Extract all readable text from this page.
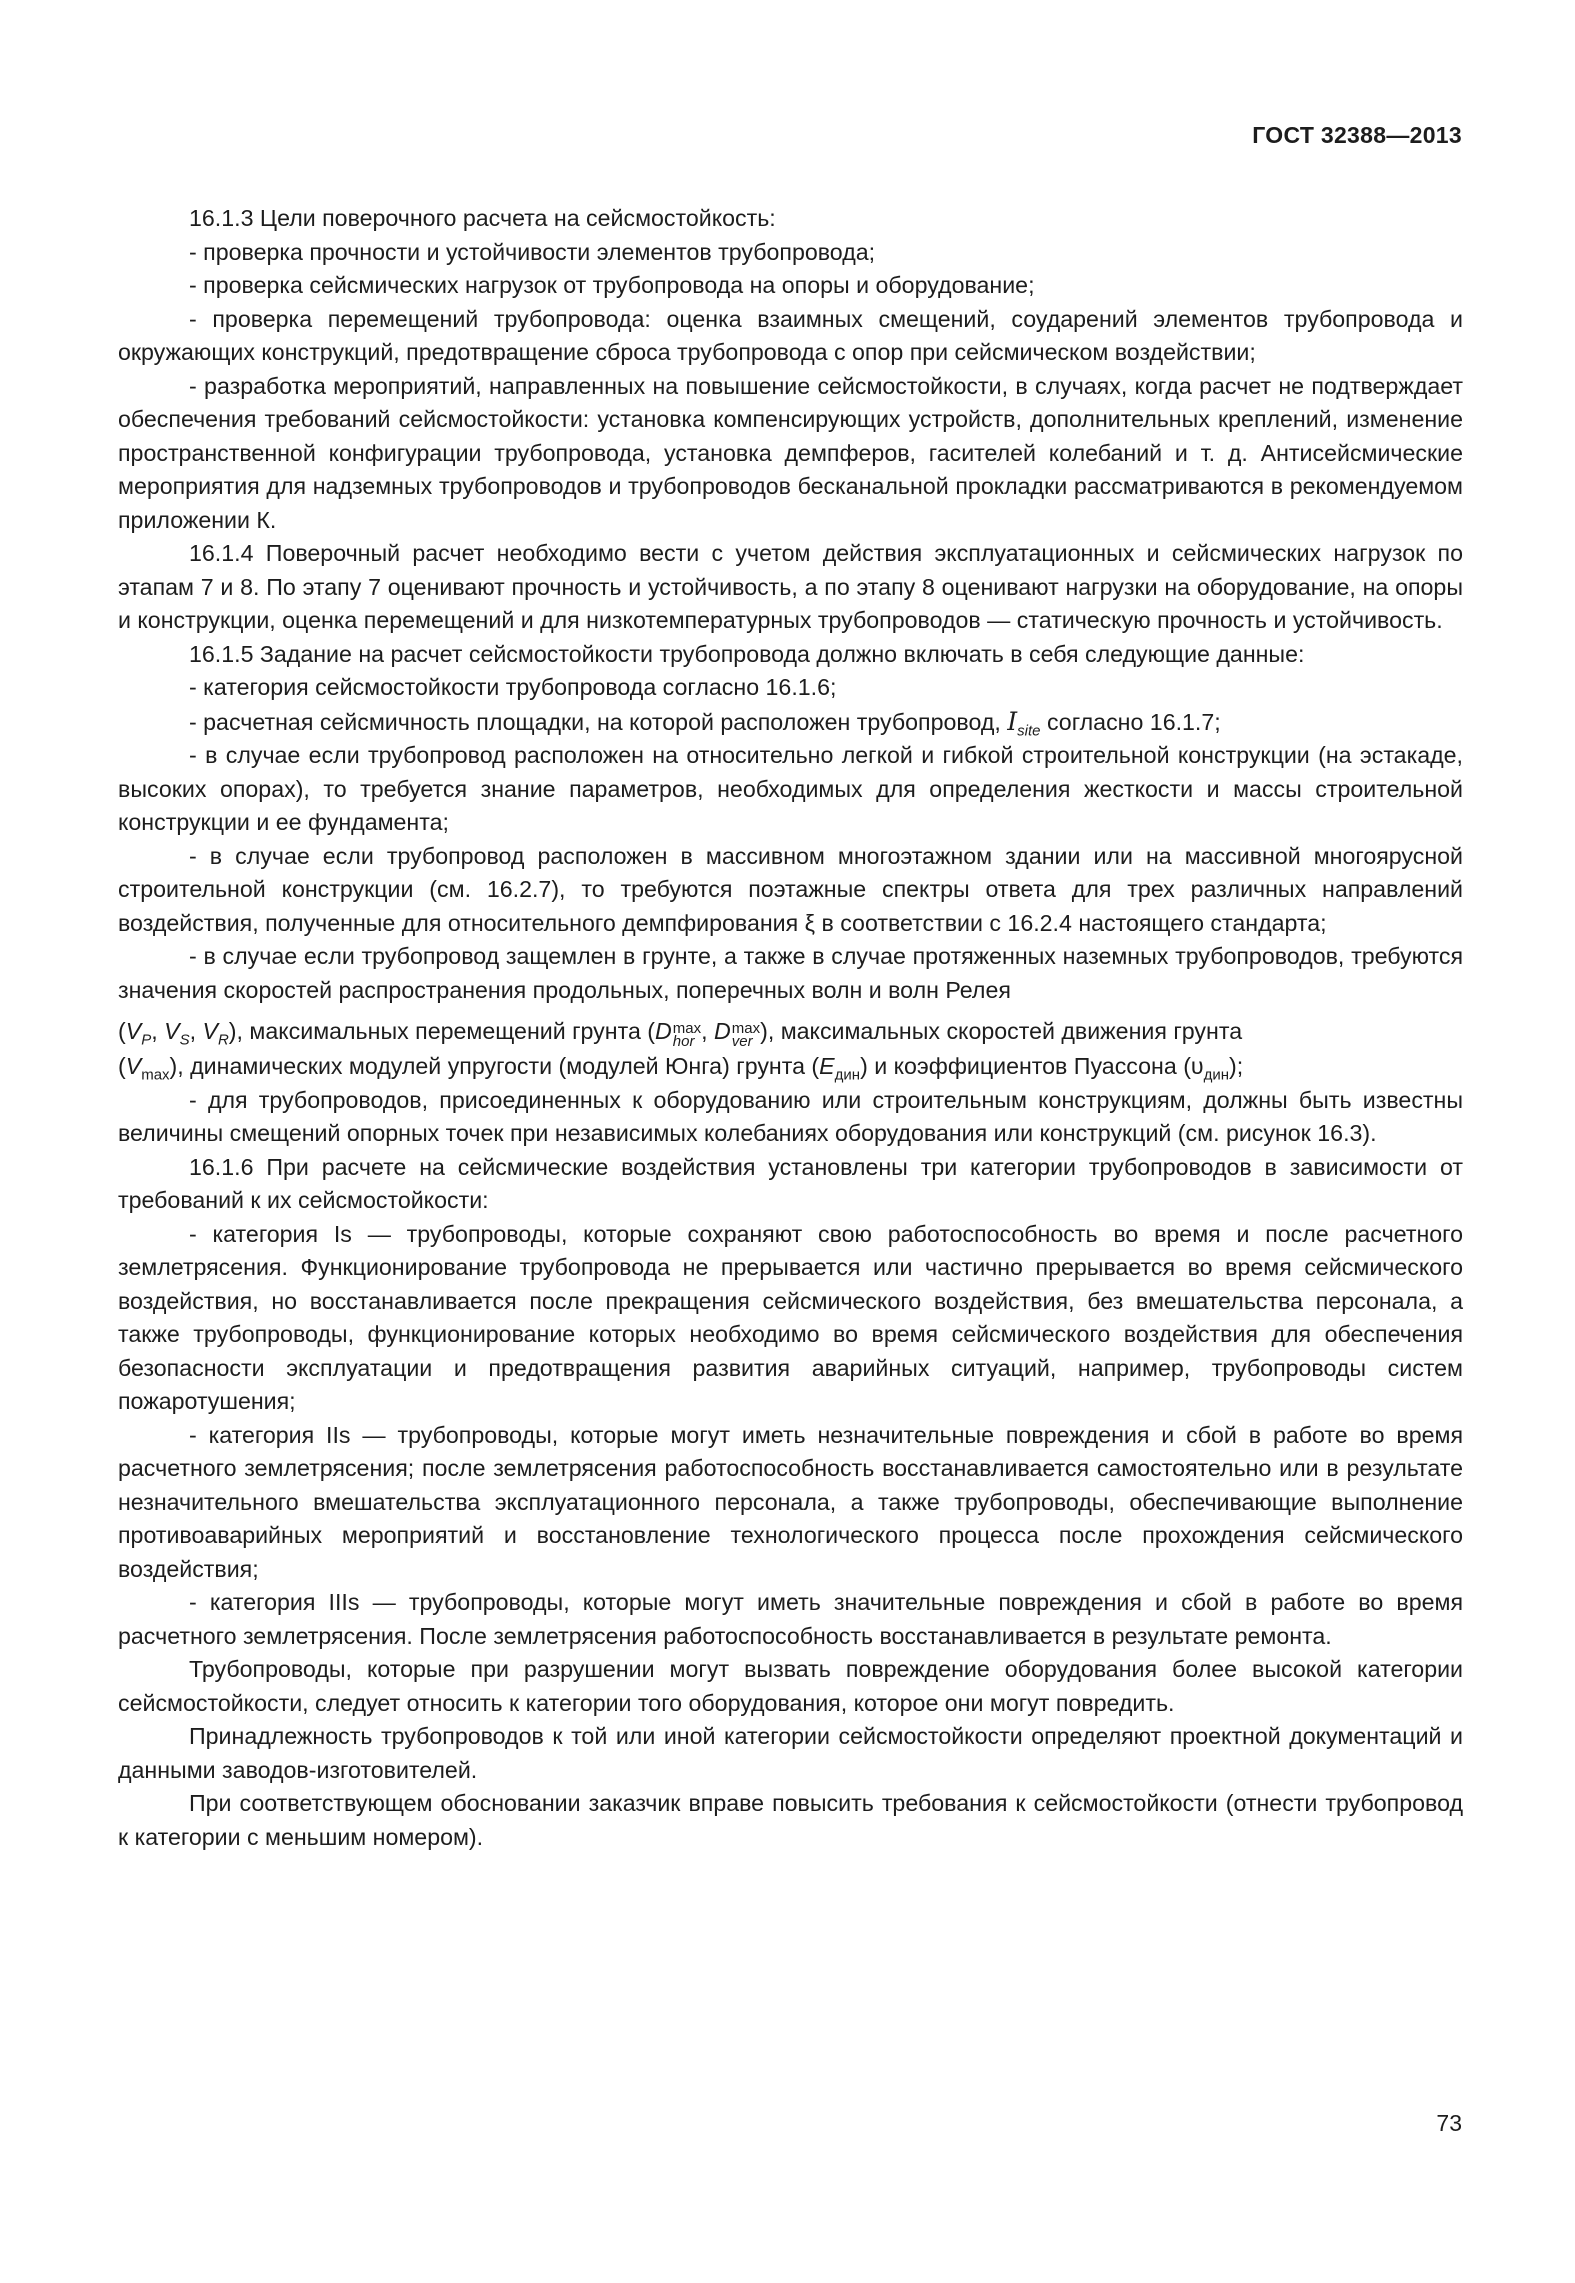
ГОСТ 32388—2013

16.1.3 Цели поверочного расчета на сейсмостойкость:

- проверка прочности и устойчивости элементов трубопровода;

- проверка сейсмических нагрузок от трубопровода на опоры и оборудование;

- проверка перемещений трубопровода: оценка взаимных смещений, соударений элементов трубопровода и окружающих конструкций, предотвращение сброса трубопровода с опор при сейсмическом воздействии;

- разработка мероприятий, направленных на повышение сейсмостойкости, в случаях, когда расчет не подтверждает обеспечения требований сейсмостойкости: установка компенсирующих устройств, дополнительных креплений, изменение пространственной конфигурации трубопровода, установка демпферов, гасителей колебаний и т. д. Антисейсмические мероприятия для надземных трубопроводов и трубопроводов бесканальной прокладки рассматриваются в рекомендуемом приложении К.

16.1.4 Поверочный расчет необходимо вести с учетом действия эксплуатационных и сейсмических нагрузок по этапам 7 и 8. По этапу 7 оценивают прочность и устойчивость, а по этапу 8 оценивают нагрузки на оборудование, на опоры и конструкции, оценка перемещений и для низкотемпературных трубопроводов — статическую прочность и устойчивость.

16.1.5 Задание на расчет сейсмостойкости трубопровода должно включать в себя следующие данные:

- категория сейсмостойкости трубопровода согласно 16.1.6;

- расчетная сейсмичность площадки, на которой расположен трубопровод, $I_{site}$ согласно 16.1.7;

- в случае если трубопровод расположен на относительно легкой и гибкой строительной конструкции (на эстакаде, высоких опорах), то требуется знание параметров, необходимых для определения жесткости и массы строительной конструкции и ее фундамента;

- в случае если трубопровод расположен в массивном многоэтажном здании или на массивной многоярусной строительной конструкции (см. 16.2.7), то требуются поэтажные спектры ответа для трех различных направлений воздействия, полученные для относительного демпфирования ξ в соответствии с 16.2.4 настоящего стандарта;

- в случае если трубопровод защемлен в грунте, а также в случае протяженных наземных трубопроводов, требуются значения скоростей распространения продольных, поперечных волн и волн Релея

($V_P$, $V_S$, $V_R$), максимальных перемещений грунта (D max
hor , D max
ver ), максимальных скоростей движения грунта

$(V_{max})$, динамических модулей упругости (модулей Юнга) грунта $(E_{дин})$ и коэффициентов Пуассона $(\upsilon_{дин})$;

- для трубопроводов, присоединенных к оборудованию или строительным конструкциям, должны быть известны величины смещений опорных точек при независимых колебаниях оборудования или конструкций (см. рисунок 16.3).

16.1.6 При расчете на сейсмические воздействия установлены три категории трубопроводов в зависимости от требований к их сейсмостойкости:

- категория Is — трубопроводы, которые сохраняют свою работоспособность во время и после расчетного землетрясения. Функционирование трубопровода не прерывается или частично прерывается во время сейсмического воздействия, но восстанавливается после прекращения сейсмического воздействия, без вмешательства персонала, а также трубопроводы, функционирование которых необходимо во время сейсмического воздействия для обеспечения безопасности эксплуатации и предотвращения развития аварийных ситуаций, например, трубопроводы систем пожаротушения;

- категория IIs — трубопроводы, которые могут иметь незначительные повреждения и сбой в работе во время расчетного землетрясения; после землетрясения работоспособность восстанавливается самостоятельно или в результате незначительного вмешательства эксплуатационного персонала, а также трубопроводы, обеспечивающие выполнение противоаварийных мероприятий и восстановление технологического процесса после прохождения сейсмического воздействия;

- категория IIIs — трубопроводы, которые могут иметь значительные повреждения и сбой в работе во время расчетного землетрясения. После землетрясения работоспособность восстанавливается в результате ремонта.

Трубопроводы, которые при разрушении могут вызвать повреждение оборудования более высокой категории сейсмостойкости, следует относить к категории того оборудования, которое они могут повредить.

Принадлежность трубопроводов к той или иной категории сейсмостойкости определяют проектной документаций и данными заводов-изготовителей.

При соответствующем обосновании заказчик вправе повысить требования к сейсмостойкости (отнести трубопровод к категории с меньшим номером).

73
